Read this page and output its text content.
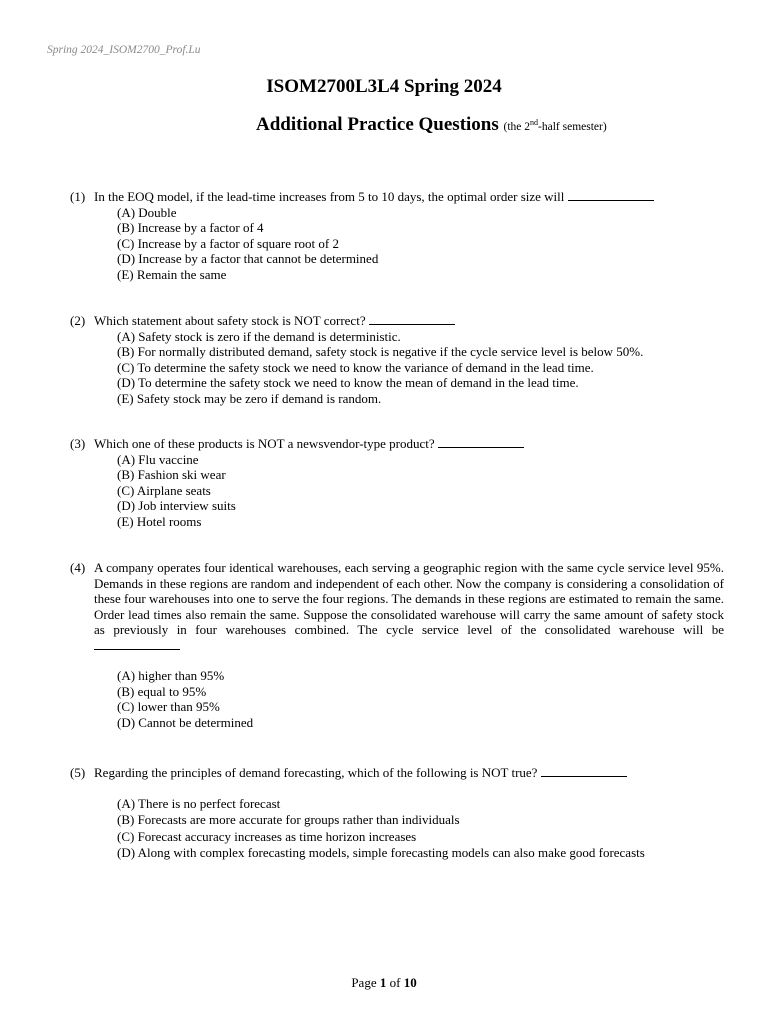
Spring 2024_ISOM2700_Prof.Lu
ISOM2700L3L4 Spring 2024
Additional Practice Questions (the 2nd-half semester)
(1) In the EOQ model, if the lead-time increases from 5 to 10 days, the optimal order size will
(A) Double
(B) Increase by a factor of 4
(C) Increase by a factor of square root of 2
(D) Increase by a factor that cannot be determined
(E) Remain the same
(2) Which statement about safety stock is NOT correct?
(A) Safety stock is zero if the demand is deterministic.
(B) For normally distributed demand, safety stock is negative if the cycle service level is below 50%.
(C) To determine the safety stock we need to know the variance of demand in the lead time.
(D) To determine the safety stock we need to know the mean of demand in the lead time.
(E) Safety stock may be zero if demand is random.
(3) Which one of these products is NOT a newsvendor-type product?
(A) Flu vaccine
(B) Fashion ski wear
(C) Airplane seats
(D) Job interview suits
(E) Hotel rooms
(4) A company operates four identical warehouses, each serving a geographic region with the same cycle service level 95%. Demands in these regions are random and independent of each other. Now the company is considering a consolidation of these four warehouses into one to serve the four regions. The demands in these regions are estimated to remain the same. Order lead times also remain the same. Suppose the consolidated warehouse will carry the same amount of safety stock as previously in four warehouses combined. The cycle service level of the consolidated warehouse will be
(A) higher than 95%
(B) equal to 95%
(C) lower than 95%
(D) Cannot be determined
(5) Regarding the principles of demand forecasting, which of the following is NOT true?
(A) There is no perfect forecast
(B) Forecasts are more accurate for groups rather than individuals
(C) Forecast accuracy increases as time horizon increases
(D) Along with complex forecasting models, simple forecasting models can also make good forecasts
Page 1 of 10
